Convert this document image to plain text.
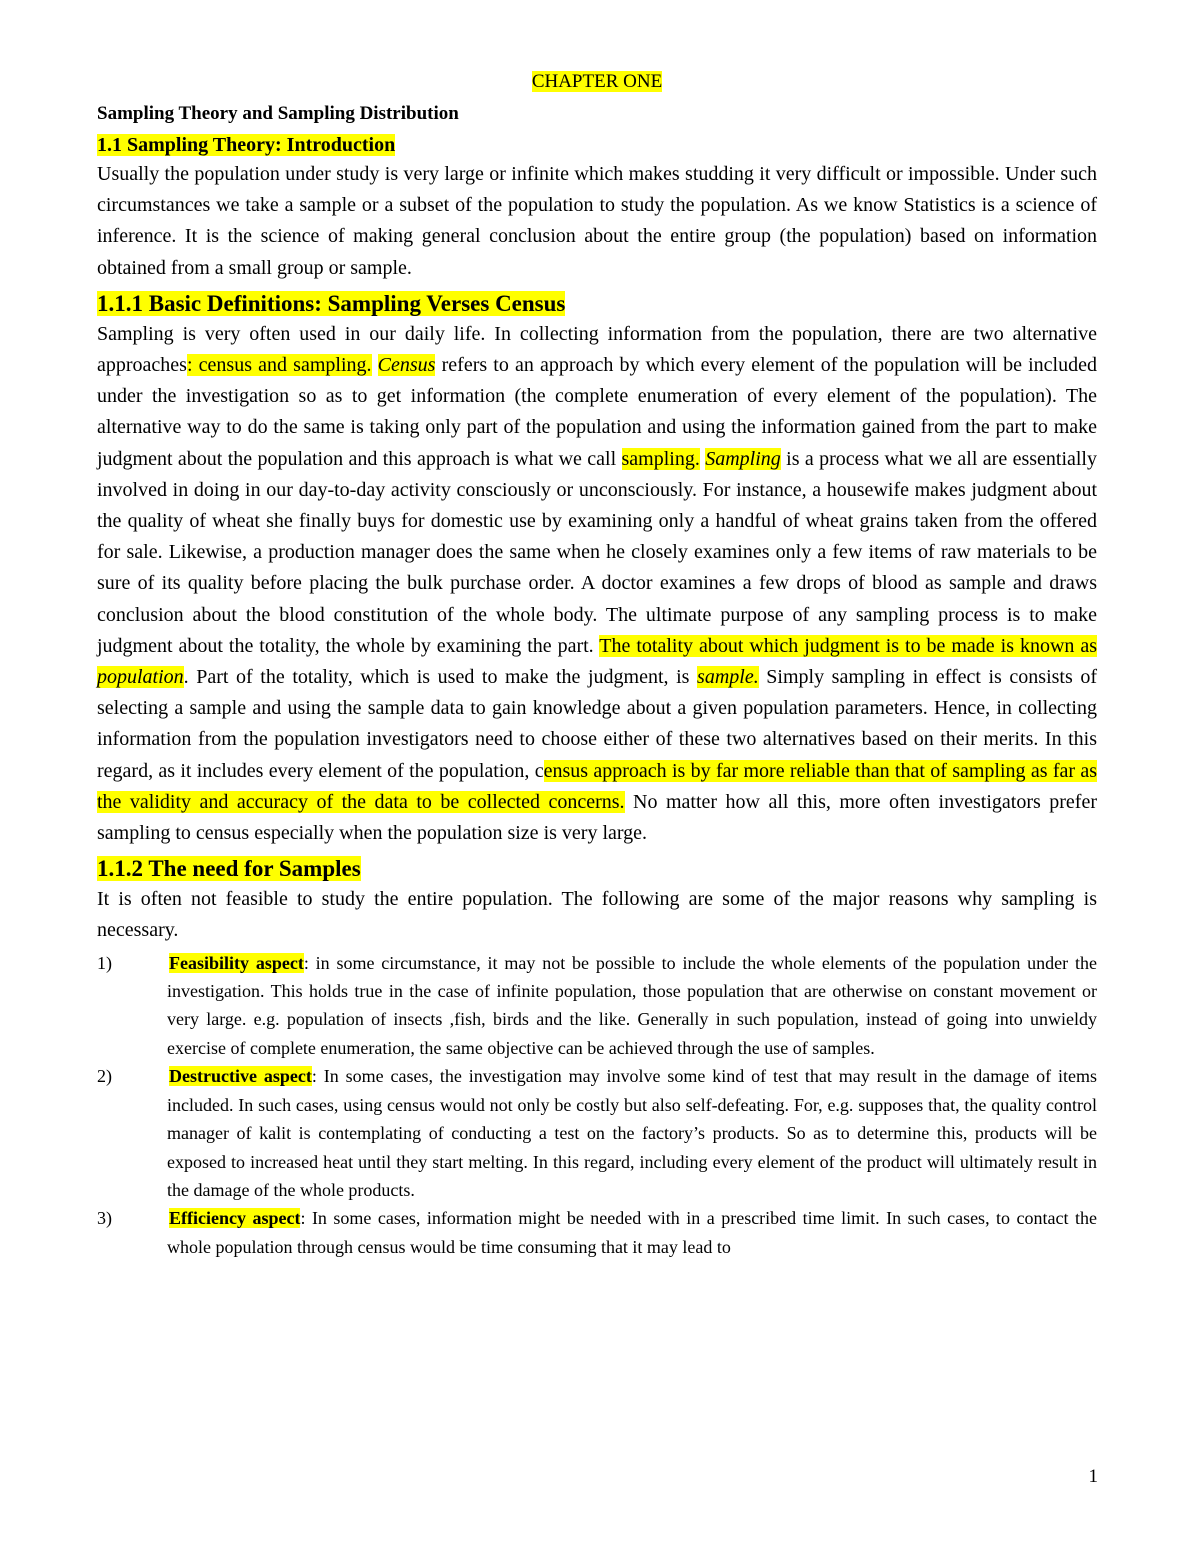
CHAPTER ONE
Sampling Theory and Sampling Distribution
1.1 Sampling Theory: Introduction

Usually the population under study is very large or infinite which makes studding it very difficult or impossible. Under such circumstances we take a sample or a subset of the population to study the population. As we know Statistics is a science of inference. It is the science of making general conclusion about the entire group (the population) based on information obtained from a small group or sample.

1.1.1 Basic Definitions: Sampling Verses Census

Sampling is very often used in our daily life. In collecting information from the population, there are two alternative approaches: census and sampling. Census refers to an approach by which every element of the population will be included under the investigation so as to get information (the complete enumeration of every element of the population). The alternative way to do the same is taking only part of the population and using the information gained from the part to make judgment about the population and this approach is what we call sampling. Sampling is a process what we all are essentially involved in doing in our day-to-day activity consciously or unconsciously. For instance, a housewife makes judgment about the quality of wheat she finally buys for domestic use by examining only a handful of wheat grains taken from the offered for sale. Likewise, a production manager does the same when he closely examines only a few items of raw materials to be sure of its quality before placing the bulk purchase order. A doctor examines a few drops of blood as sample and draws conclusion about the blood constitution of the whole body. The ultimate purpose of any sampling process is to make judgment about the totality, the whole by examining the part. The totality about which judgment is to be made is known as population. Part of the totality, which is used to make the judgment, is sample. Simply sampling in effect is consists of selecting a sample and using the sample data to gain knowledge about a given population parameters. Hence, in collecting information from the population investigators need to choose either of these two alternatives based on their merits. In this regard, as it includes every element of the population, census approach is by far more reliable than that of sampling as far as the validity and accuracy of the data to be collected concerns. No matter how all this, more often investigators prefer sampling to census especially when the population size is very large.

1.1.2 The need for Samples

It is often not feasible to study the entire population. The following are some of the major reasons why sampling is necessary.

1)	Feasibility aspect: in some circumstance, it may not be possible to include the whole elements of the population under the investigation. This holds true in the case of infinite population, those population that are otherwise on constant movement or very large. e.g. population of insects ,fish, birds and the like. Generally in such population, instead of going into unwieldy exercise of complete enumeration, the same objective can be achieved through the use of samples.
2)	Destructive aspect: In some cases, the investigation may involve some kind of test that may result in the damage of items included. In such cases, using census would not only be costly but also self-defeating. For, e.g. supposes that, the quality control manager of kalit is contemplating of conducting a test on the factory’s products. So as to determine this, products will be exposed to increased heat until they start melting. In this regard, including every element of the product will ultimately result in the damage of the whole products.
3)	Efficiency aspect: In some cases, information might be needed with in a prescribed time limit. In such cases, to contact the whole population through census would be time consuming that it may lead to
1
